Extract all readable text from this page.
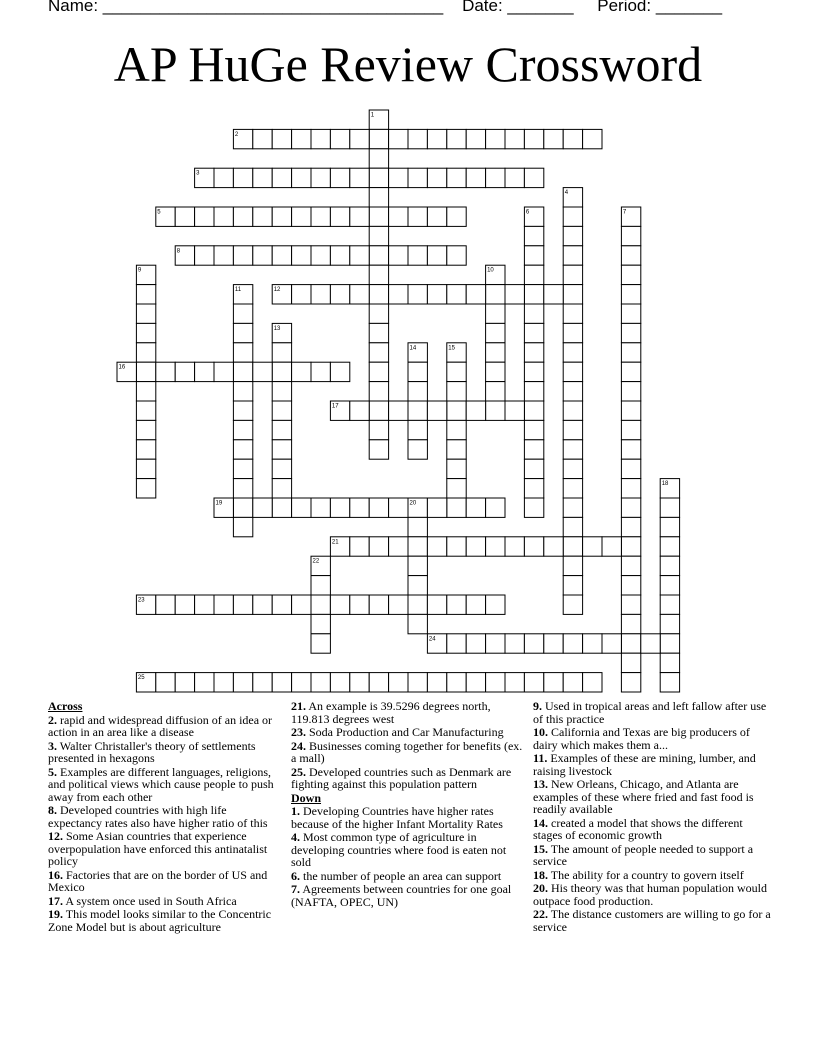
Name: ____________________________________ Date: _______ Period: _______
AP HuGe Review Crossword
1
2
3
4
5	6	7
8
9	10
11	12
13
14	15
16
17
18
19	20
21
22
23
24
25
Across
2. rapid and widespread diffusion of an idea or action in an area like a disease
3. Walter Christaller's theory of settlements presented in hexagons
5. Examples are different languages, religions, and political views which cause people to push away from each other
8. Developed countries with high life expectancy rates also have higher ratio of this
12. Some Asian countries that experience overpopulation have enforced this antinatalist policy
16. Factories that are on the border of US and Mexico
17. A system once used in South Africa
19. This model looks similar to the Concentric Zone Model but is about agriculture
21. An example is 39.5296 degrees north, 119.813 degrees west
23. Soda Production and Car Manufacturing
24. Businesses coming together for benefits (ex. a mall)
25. Developed countries such as Denmark are fighting against this population pattern
Down
1. Developing Countries have higher rates because of the higher Infant Mortality Rates
4. Most common type of agriculture in developing countries where food is eaten not sold
6. the number of people an area can support
7. Agreements between countries for one goal (NAFTA, OPEC, UN)
9. Used in tropical areas and left fallow after use of this practice
10. California and Texas are big producers of dairy which makes them a...
11. Examples of these are mining, lumber, and raising livestock
13. New Orleans, Chicago, and Atlanta are examples of these where fried and fast food is readily available
14. created a model that shows the different stages of economic growth
15. The amount of people needed to support a service
18. The ability for a country to govern itself
20. His theory was that human population would outpace food production.
22. The distance customers are willing to go for a service
